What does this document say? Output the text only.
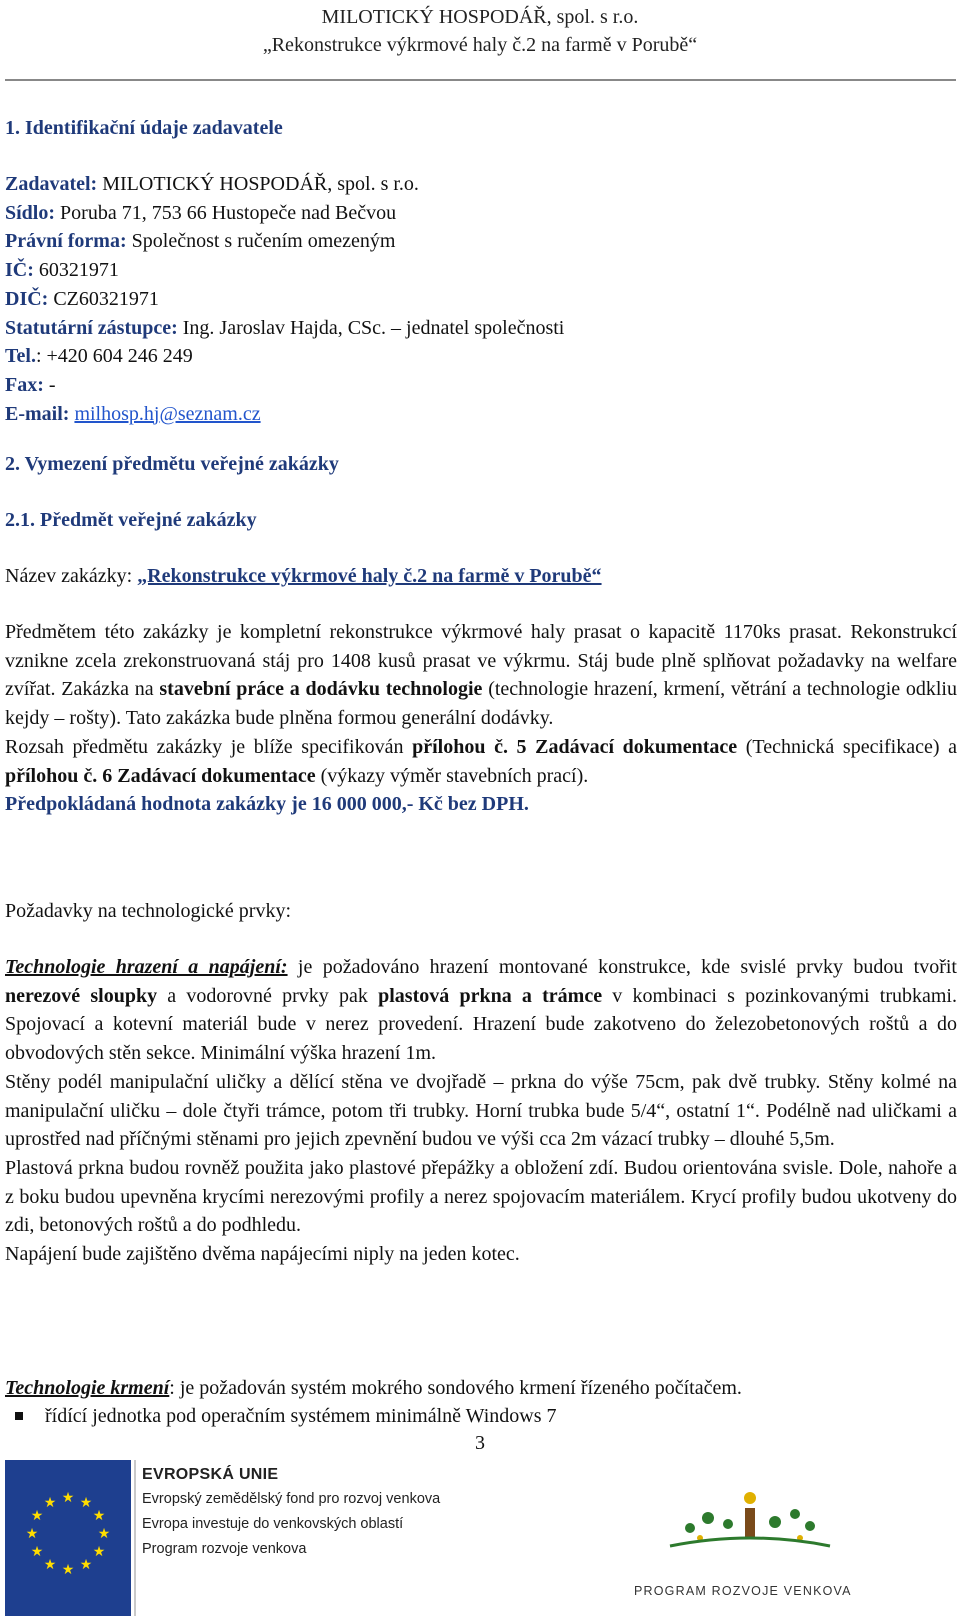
MILOTICKÝ HOSPODÁŘ, spol. s r.o.
„Rekonstrukce výkrmové haly č.2 na farmě v Porubě“
1. Identifikační údaje zadavatele
Zadavatel: MILOTICKÝ HOSPODÁŘ, spol. s r.o.
Sídlo: Poruba 71, 753 66 Hustopeče nad Bečvou
Právní forma: Společnost s ručením omezeným
IČ: 60321971
DIČ: CZ60321971
Statutární zástupce: Ing. Jaroslav Hajda, CSc. – jednatel společnosti
Tel.: +420 604 246 249
Fax: -
E-mail: milhosp.hj@seznam.cz
2. Vymezení předmětu veřejné zakázky
2.1. Předmět veřejné zakázky
Název zakázky: „Rekonstrukce výkrmové haly č.2 na farmě v Porubě“

Předmětem této zakázky je kompletní rekonstrukce výkrmové haly prasat o kapacitě 1170ks prasat. Rekonstrukcí vznikne zcela zrekonstruovaná stáj pro 1408 kusů prasat ve výkrmu. Stáj bude plně splňovat požadavky na welfare zvířat. Zakázka na stavební práce a dodávku technologie (technologie hrazení, krmení, větrání a technologie odkliu kejdy – rošty). Tato zakázka bude plněna formou generální dodávky.

Rozsah předmětu zakázky je blíže specifikován přílohou č. 5 Zadávací dokumentace (Technická specifikace) a přílohou č. 6 Zadávací dokumentace (výkazy výměr stavebních prací).

Předpokládaná hodnota zakázky je 16 000 000,- Kč bez DPH.

Požadavky na technologické prvky:

Technologie hrazení a napájení: je požadováno hrazení montované konstrukce, kde svislé prvky budou tvořit nerezové sloupky a vodorovné prvky pak plastová prkna a trámce v kombinaci s pozinkovanými trubkami. Spojovací a kotevní materiál bude v nerez provedení. Hrazení bude zakotveno do železobetonových roštů a do obvodových stěn sekce. Minimální výška hrazení 1m.

Stěny podél manipulační uličky a dělící stěna ve dvojřadě – prkna do výše 75cm, pak dvě trubky. Stěny kolmé na manipulační uličku – dole čtyři trámce, potom tři trubky. Horní trubka bude 5/4“, ostatní 1“. Podélně nad uličkami a uprostřed nad příčnými stěnami pro jejich zpevnění budou ve výši cca 2m vázací trubky – dlouhé 5,5m.

Plastová prkna budou rovněž použita jako plastové přepážky a obložení zdí. Budou orientována svisle. Dole, nahoře a z boku budou upevněna krycími nerezovými profily a nerez spojovacím materiálem. Krycí profily budou ukotveny do zdi, betonových roštů a do podhledu.

Napájení bude zajištěno dvěma napájecími niply na jeden kotec.

Technologie krmení: je požadován systém mokrého sondového krmení řízeného počítačem.
řídící jednotka pod operačním systémem minimálně Windows 7
3
★ ★
★
★
★
★
★
★
★
★
★
★
EVROPSKÁ UNIE
Evropský zemědělský fond pro rozvoj venkova
Evropa investuje do venkovských oblastí
Program rozvoje venkova
PROGRAM ROZVOJE VENKOVA
